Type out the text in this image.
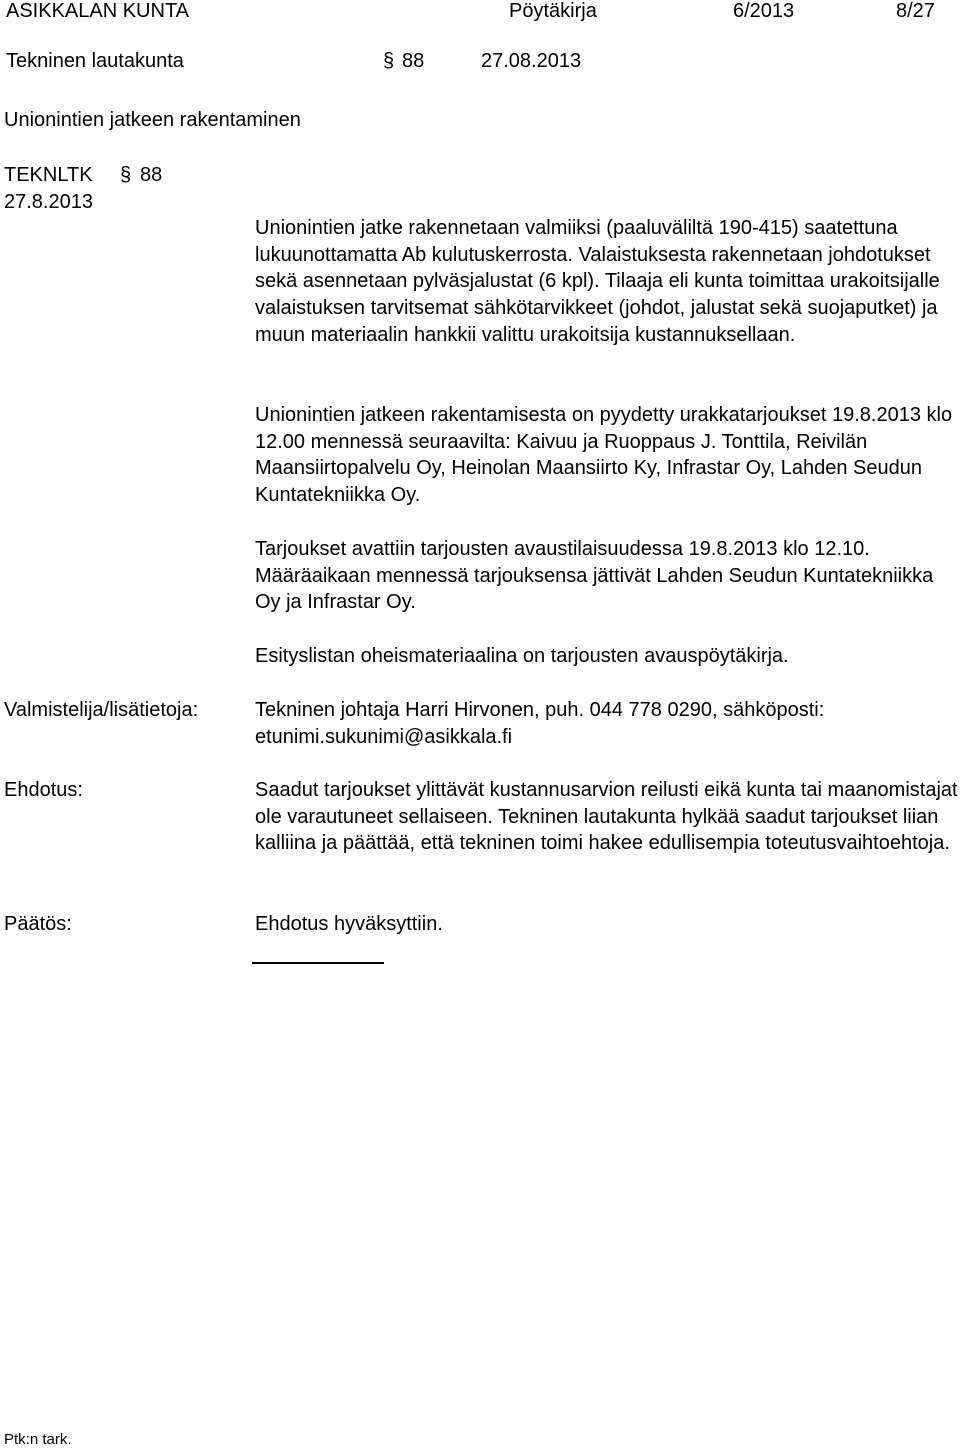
ASIKKALAN KUNTA	Pöytäkirja	6/2013	8/27
Tekninen lautakunta	§ 88	27.08.2013
Unionintien jatkeen rakentaminen
TEKNLTK § 88
27.8.2013

Unionintien jatke rakennetaan valmiiksi (paaluväliltä 190-415) saatettuna lukuunottamatta Ab kulutuskerrosta. Valaistuksesta rakennetaan johdotukset sekä asennetaan pylväsjalustat (6 kpl). Tilaaja eli kunta toimittaa urakoitsijalle valaistuksen tarvitsemat sähkötarvikkeet (johdot, jalustat sekä suojaputket) ja muun materiaalin hankkii valittu urakoitsija kustannuksellaan.

Unionintien jatkeen rakentamisesta on pyydetty urakkatarjoukset 19.8.2013 klo 12.00 mennessä seuraavilta: Kaivuu ja Ruoppaus J. Tonttila, Reivilän Maansiirtopalvelu Oy, Heinolan Maansiirto Ky, Infrastar Oy, Lahden Seudun Kuntatekniikka Oy.

Tarjoukset avattiin tarjousten avaustilaisuudessa 19.8.2013 klo 12.10. Määräaikaan mennessä tarjouksensa jättivät Lahden Seudun Kuntatekniikka Oy ja Infrastar Oy.

Esityslistan oheismateriaalina on tarjousten avauspöytäkirja.

Valmistelija/lisätietoja:	Tekninen johtaja Harri Hirvonen, puh. 044 778 0290, sähköposti: etunimi.sukunimi@asikkala.fi

Ehdotus:	Saadut tarjoukset ylittävät kustannusarvion reilusti eikä kunta tai maanomistajat ole varautuneet sellaiseen. Tekninen lautakunta hylkää saadut tarjoukset liian kalliina ja päättää, että tekninen toimi hakee edullisempia toteutusvaihtoehtoja.

Päätös:	Ehdotus hyväksyttiin.
Ptk:n tark.
